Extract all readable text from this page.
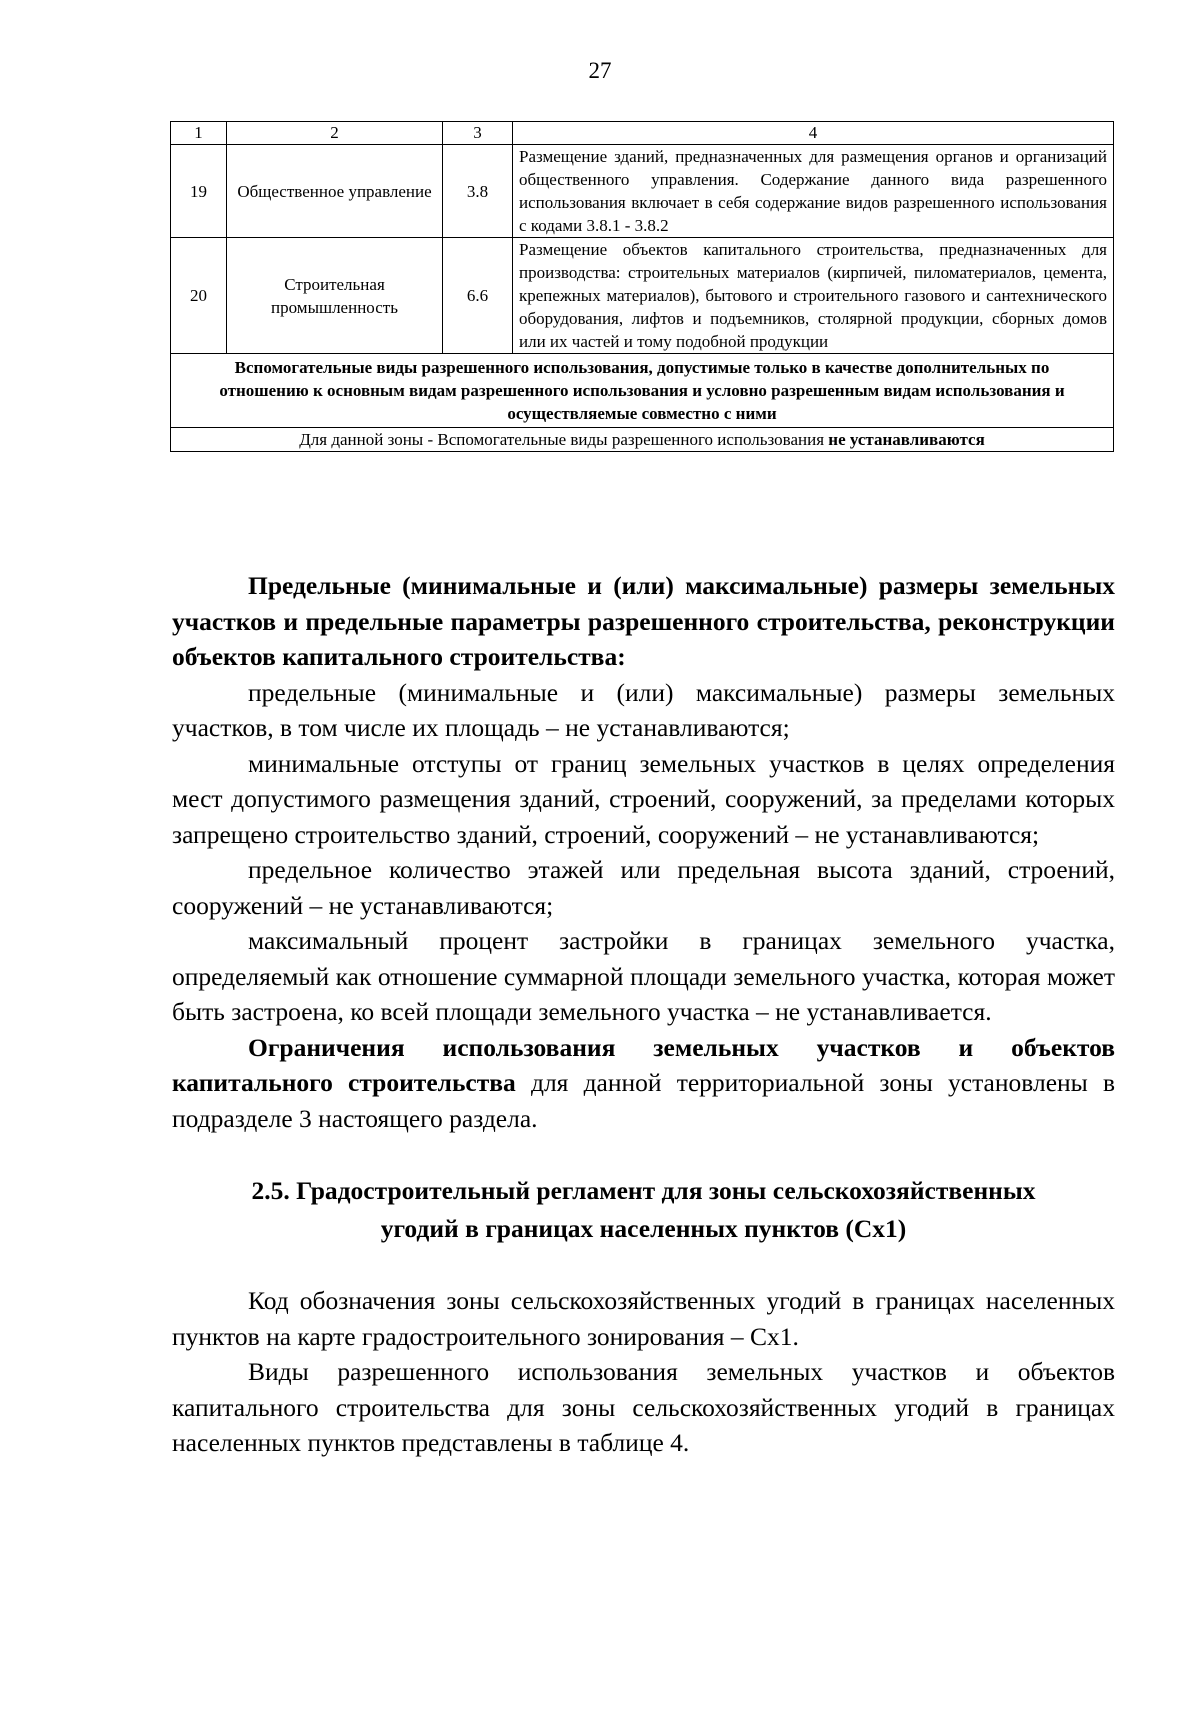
27
1	2	3	4
19	Общественное управление	3.8	Размещение зданий, предназначенных для размещения органов и организаций общественного управления. Содержание данного вида разрешенного использования включает в себя содержание видов разрешенного использования с кодами 3.8.1 - 3.8.2
20	Строительная промышленность	6.6	Размещение объектов капитального строительства, предназначенных для производства: строительных материалов (кирпичей, пиломатериалов, цемента, крепежных материалов), бытового и строительного газового и сантехнического оборудования, лифтов и подъемников, столярной продукции, сборных домов или их частей и тому подобной продукции
Вспомогательные виды разрешенного использования, допустимые только в качестве дополнительных по отношению к основным видам разрешенного использования и условно разрешенным видам использования и осуществляемые совместно с ними			
Для данной зоны - Вспомогательные виды разрешенного использования не устанавливаются			

Предельные (минимальные и (или) максимальные) размеры земельных участков и предельные параметры разрешенного строительства, реконструкции объектов капитального строительства:

предельные (минимальные и (или) максимальные) размеры земельных участков, в том числе их площадь – не устанавливаются;

минимальные отступы от границ земельных участков в целях определения мест допустимого размещения зданий, строений, сооружений, за пределами которых запрещено строительство зданий, строений, сооружений – не устанавливаются;

предельное количество этажей или предельная высота зданий, строений, сооружений – не устанавливаются;

максимальный процент застройки в границах земельного участка, определяемый как отношение суммарной площади земельного участка, которая может быть застроена, ко всей площади земельного участка – не устанавливается.

Ограничения использования земельных участков и объектов капитального строительства для данной территориальной зоны установлены в подразделе 3 настоящего раздела.

2.5. Градостроительный регламент для зоны сельскохозяйственных
угодий в границах населенных пунктов (Сх1)

Код обозначения зоны сельскохозяйственных угодий в границах населенных пунктов на карте градостроительного зонирования – Сх1.

Виды разрешенного использования земельных участков и объектов капитального строительства для зоны сельскохозяйственных угодий в границах населенных пунктов представлены в таблице 4.
